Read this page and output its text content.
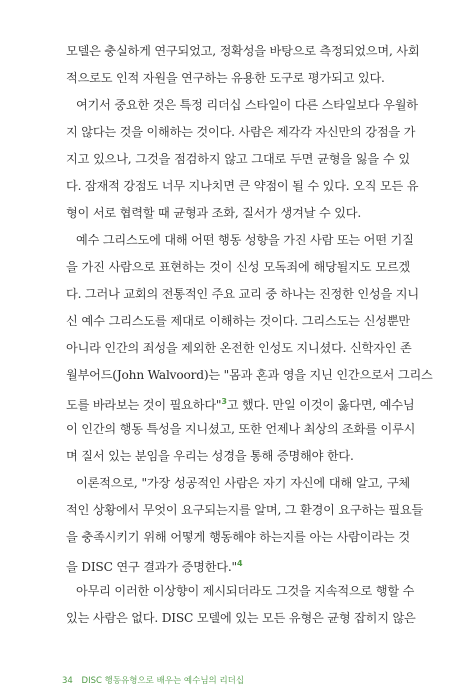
모델은 충실하게 연구되었고, 정확성을 바탕으로 측정되었으며, 사회
적으로도 인적 자원을 연구하는 유용한 도구로 평가되고 있다.
여기서 중요한 것은 특정 리더십 스타일이 다른 스타일보다 우월하
지 않다는 것을 이해하는 것이다. 사람은 제각각 자신만의 강점을 가
지고 있으나, 그것을 점검하지 않고 그대로 두면 균형을 잃을 수 있
다. 잠재적 강점도 너무 지나치면 큰 약점이 될 수 있다. 오직 모든 유
형이 서로 협력할 때 균형과 조화, 질서가 생겨날 수 있다.
예수 그리스도에 대해 어떤 행동 성향을 가진 사람 또는 어떤 기질
을 가진 사람으로 표현하는 것이 신성 모독죄에 해당될지도 모르겠
다. 그러나 교회의 전통적인 주요 교리 중 하나는 진정한 인성을 지니
신 예수 그리스도를 제대로 이해하는 것이다. 그리스도는 신성뿐만
아니라 인간의 죄성을 제외한 온전한 인성도 지니셨다. 신학자인 존
월부어드(John Walvoord)는 "몸과 혼과 영을 지닌 인간으로서 그리스
도를 바라보는 것이 필요하다"$^3$고 했다. 만일 이것이 옳다면, 예수님
이 인간의 행동 특성을 지니셨고, 또한 언제나 최상의 조화를 이루시
며 질서 있는 분임을 우리는 성경을 통해 증명해야 한다.
이론적으로, "가장 성공적인 사람은 자기 자신에 대해 알고, 구체
적인 상황에서 무엇이 요구되는지를 알며, 그 환경이 요구하는 필요들
을 충족시키기 위해 어떻게 행동해야 하는지를 아는 사람이라는 것
을 DISC 연구 결과가 증명한다."$^4$
아무리 이러한 이상향이 제시되더라도 그것을 지속적으로 행할 수
있는 사람은 없다. DISC 모델에 있는 모든 유형은 균형 잡히지 않은
34 DISC 행동유형으로 배우는 예수님의 리더십
